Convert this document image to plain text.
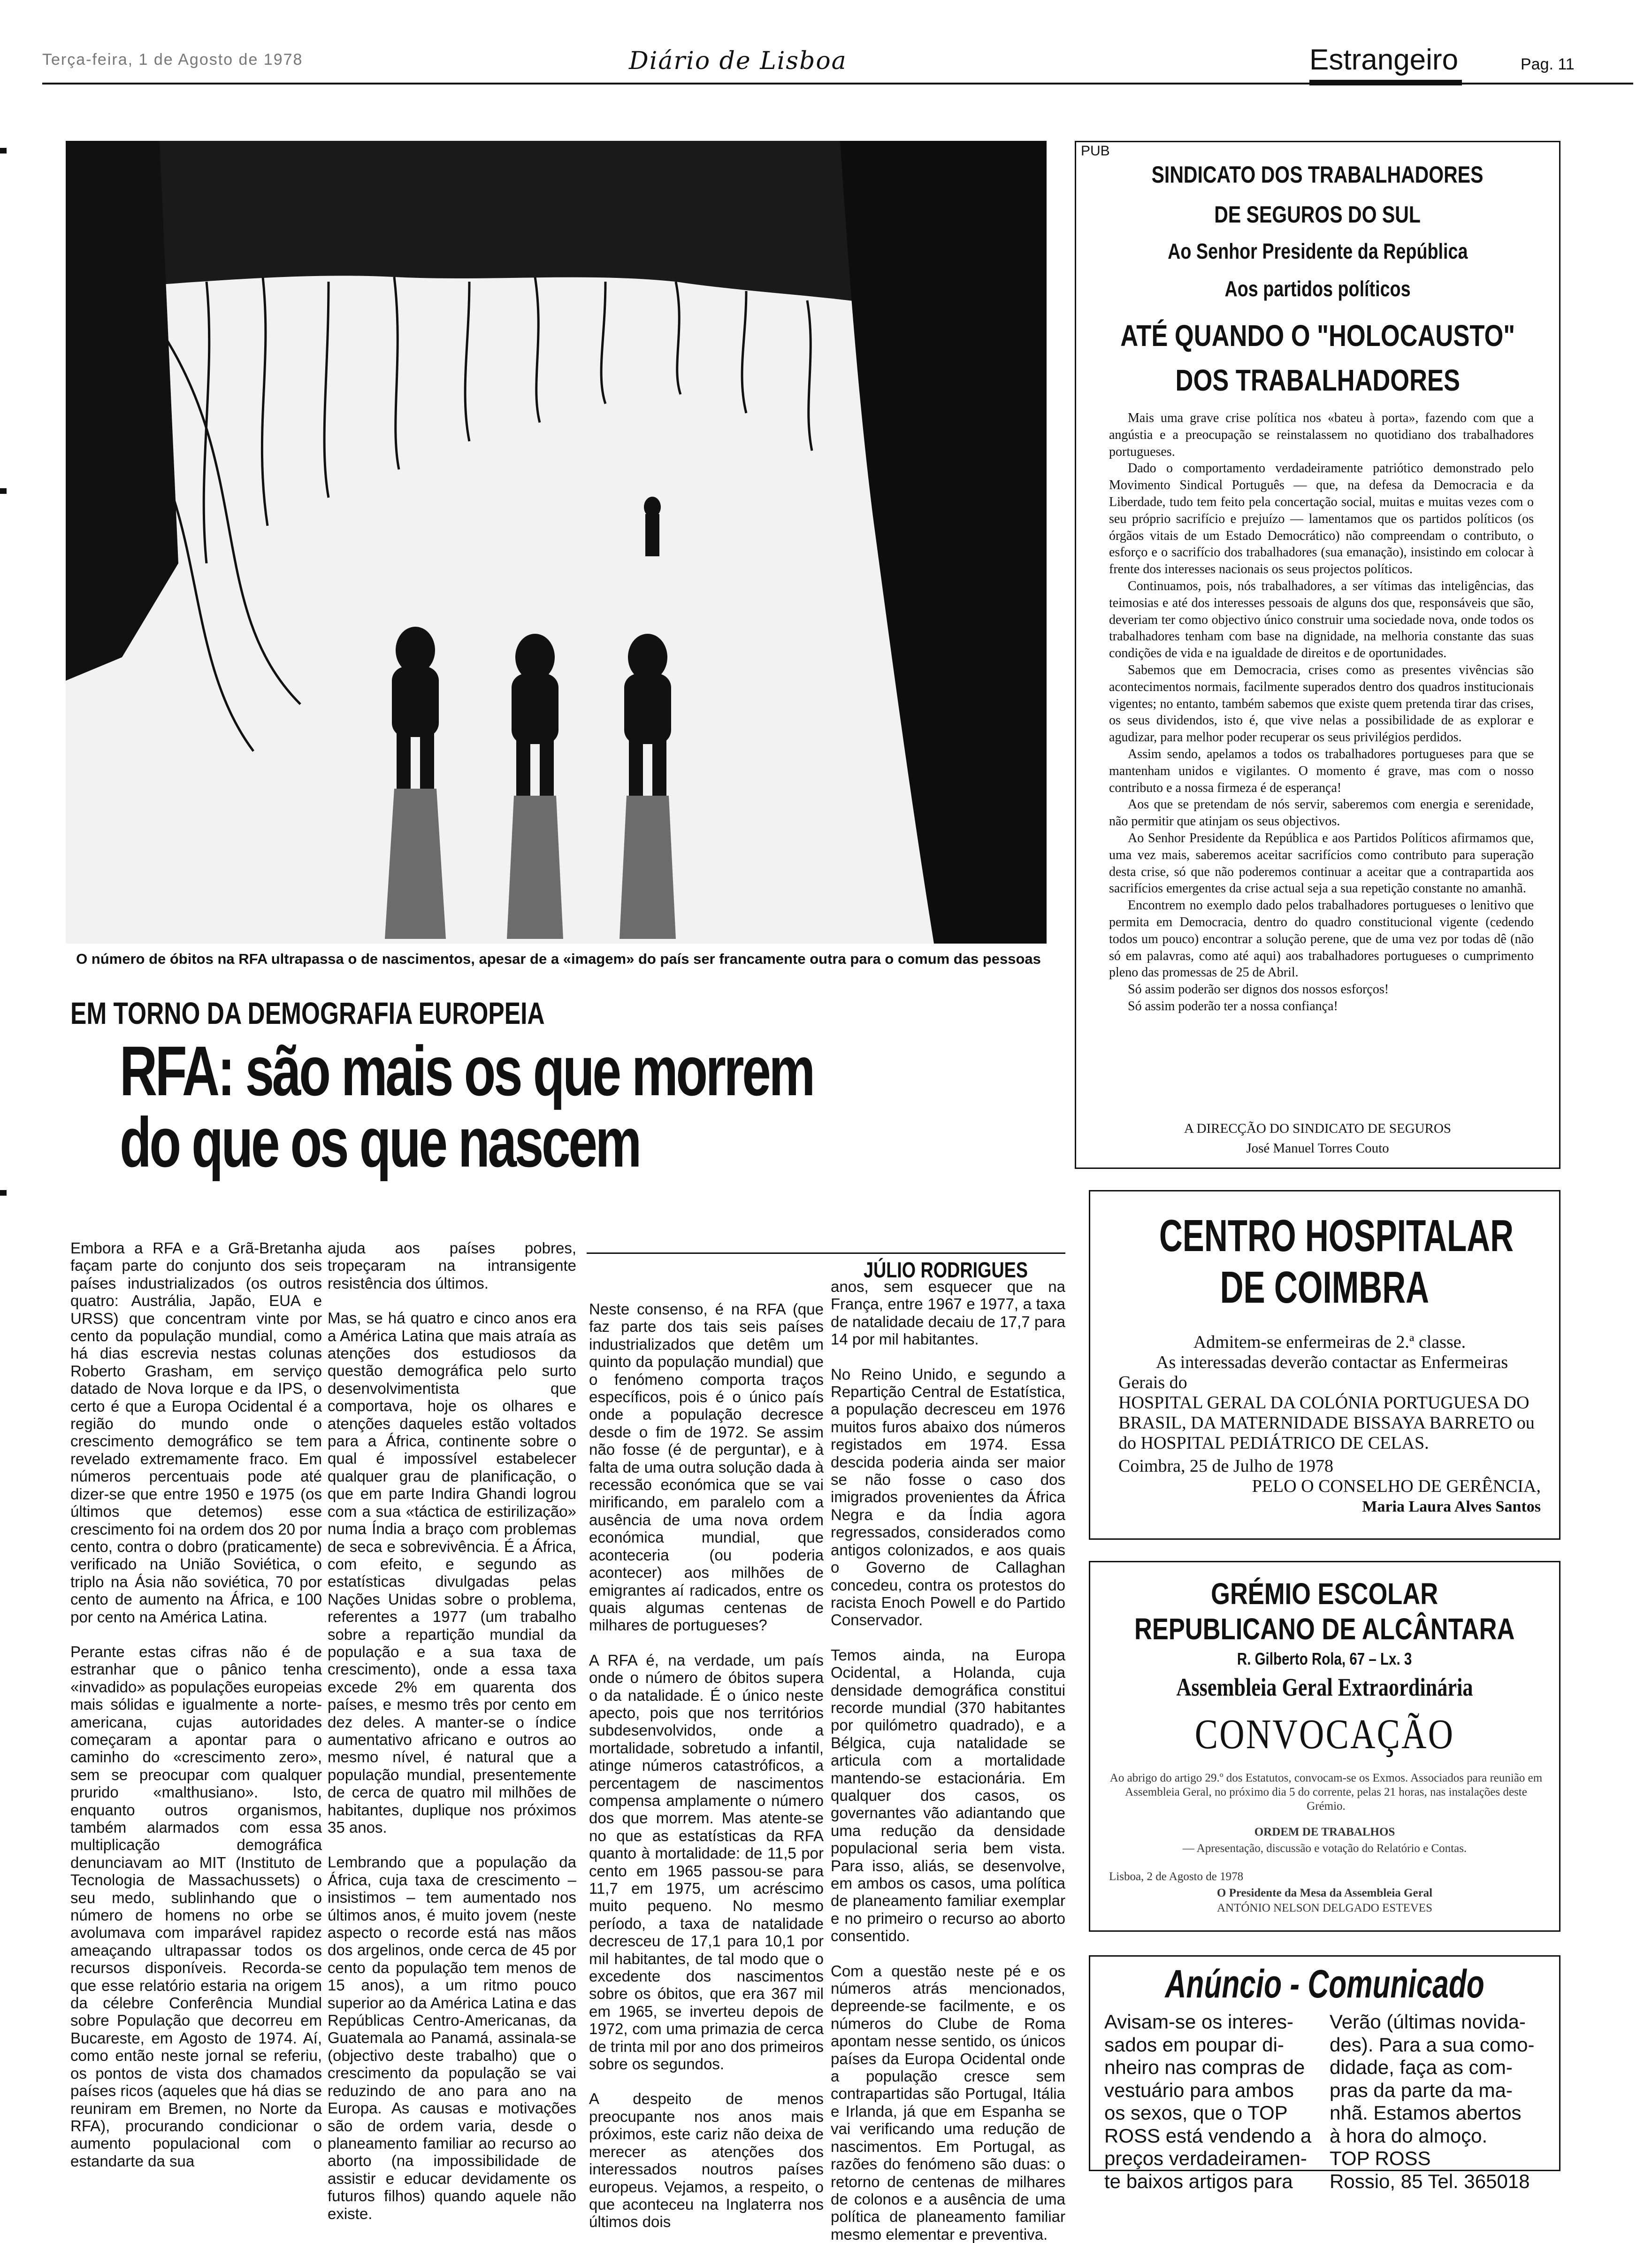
Terça-feira, 1 de Agosto de 1978	Diário de Lisboa	Estrangeiro	Pag. 11
O número de óbitos na RFA ultrapassa o de nascimentos, apesar de a «imagem» do país ser francamente outra para o comum das pessoas
EM TORNO DA DEMOGRAFIA EUROPEIA
RFA: são mais os que morrem
do que os que nascem
JÚLIO RODRIGUES

Embora a RFA e a Grã-Bretanha façam parte do conjunto dos seis países industrializados (os outros quatro: Austrália, Japão, EUA e URSS) que concentram vinte por cento da população mundial, como há dias escrevia nestas colunas Roberto Grasham, em serviço datado de Nova Iorque e da IPS, o certo é que a Europa Ocidental é a região do mundo onde o crescimento demográfico se tem revelado extremamente fraco. Em números percentuais pode até dizer-se que entre 1950 e 1975 (os últimos que detemos) esse crescimento foi na ordem dos 20 por cento, contra o dobro (praticamente) verificado na União Soviética, o triplo na Ásia não soviética, 70 por cento de aumento na África, e 100 por cento na América Latina.

Perante estas cifras não é de estranhar que o pânico tenha «invadido» as populações europeias mais sólidas e igualmente a norte-americana, cujas autoridades começaram a apontar para o caminho do «crescimento zero», sem se preocupar com qualquer prurido «malthusiano». Isto, enquanto outros organismos, também alarmados com essa multiplicação demográfica denunciavam ao MIT (Instituto de Tecnologia de Massachussets) o seu medo, sublinhando que o número de homens no orbe se avolumava com imparável rapidez ameaçando ultrapassar todos os recursos disponíveis. Recorda-se que esse relatório estaria na origem da célebre Conferência Mundial sobre População que decorreu em Bucareste, em Agosto de 1974. Aí, como então neste jornal se referiu, os pontos de vista dos chamados países ricos (aqueles que há dias se reuniram em Bremen, no Norte da RFA), procurando condicionar o aumento populacional com o estandarte da sua

ajuda aos países pobres, tropeçaram na intransigente resistência dos últimos.

Mas, se há quatro e cinco anos era a América Latina que mais atraía as atenções dos estudiosos da questão demográfica pelo surto desenvolvimentista que comportava, hoje os olhares e atenções daqueles estão voltados para a África, continente sobre o qual é impossível estabelecer qualquer grau de planificação, o que em parte Indira Ghandi logrou com a sua «táctica de estirilização» numa Índia a braço com problemas de seca e sobrevivência. É a África, com efeito, e segundo as estatísticas divulgadas pelas Nações Unidas sobre o problema, referentes a 1977 (um trabalho sobre a repartição mundial da população e a sua taxa de crescimento), onde a essa taxa excede 2% em quarenta dos países, e mesmo três por cento em dez deles. A manter-se o índice aumentativo africano e outros ao mesmo nível, é natural que a população mundial, presentemente de cerca de quatro mil milhões de habitantes, duplique nos próximos 35 anos.

Lembrando que a população da África, cuja taxa de crescimento – insistimos – tem aumentado nos últimos anos, é muito jovem (neste aspecto o recorde está nas mãos dos argelinos, onde cerca de 45 por cento da população tem menos de 15 anos), a um ritmo pouco superior ao da América Latina e das Repúblicas Centro-Americanas, da Guatemala ao Panamá, assinala-se (objectivo deste trabalho) que o crescimento da população se vai reduzindo de ano para ano na Europa. As causas e motivações são de ordem varia, desde o planeamento familiar ao recurso ao aborto (na impossibilidade de assistir e educar devidamente os futuros filhos) quando aquele não existe.

Neste consenso, é na RFA (que faz parte dos tais seis países industrializados que detêm um quinto da população mundial) que o fenómeno comporta traços específicos, pois é o único país onde a população decresce desde o fim de 1972. Se assim não fosse (é de perguntar), e à falta de uma outra solução dada à recessão económica que se vai mirificando, em paralelo com a ausência de uma nova ordem económica mundial, que aconteceria (ou poderia acontecer) aos milhões de emigrantes aí radicados, entre os quais algumas centenas de milhares de portugueses?

A RFA é, na verdade, um país onde o número de óbitos supera o da natalidade. É o único neste apecto, pois que nos territórios subdesenvolvidos, onde a mortalidade, sobretudo a infantil, atinge números catastróficos, a percentagem de nascimentos compensa amplamente o número dos que morrem. Mas atente-se no que as estatísticas da RFA quanto à mortalidade: de 11,5 por cento em 1965 passou-se para 11,7 em 1975, um acréscimo muito pequeno. No mesmo período, a taxa de natalidade decresceu de 17,1 para 10,1 por mil habitantes, de tal modo que o excedente dos nascimentos sobre os óbitos, que era 367 mil em 1965, se inverteu depois de 1972, com uma primazia de cerca de trinta mil por ano dos primeiros sobre os segundos.

A despeito de menos preocupante nos anos mais próximos, este cariz não deixa de merecer as atenções dos interessados noutros países europeus. Vejamos, a respeito, o que aconteceu na Inglaterra nos últimos dois

anos, sem esquecer que na França, entre 1967 e 1977, a taxa de natalidade decaiu de 17,7 para 14 por mil habitantes.

No Reino Unido, e segundo a Repartição Central de Estatística, a população decresceu em 1976 muitos furos abaixo dos números registados em 1974. Essa descida poderia ainda ser maior se não fosse o caso dos imigrados provenientes da África Negra e da Índia agora regressados, considerados como antigos colonizados, e aos quais o Governo de Callaghan concedeu, contra os protestos do racista Enoch Powell e do Partido Conservador.

Temos ainda, na Europa Ocidental, a Holanda, cuja densidade demográfica constitui recorde mundial (370 habitantes por quilómetro quadrado), e a Bélgica, cuja natalidade se articula com a mortalidade mantendo-se estacionária. Em qualquer dos casos, os governantes vão adiantando que uma redução da densidade populacional seria bem vista. Para isso, aliás, se desenvolve, em ambos os casos, uma política de planeamento familiar exemplar e no primeiro o recurso ao aborto consentido.

Com a questão neste pé e os números atrás mencionados, depreende-se facilmente, e os números do Clube de Roma apontam nesse sentido, os únicos países da Europa Ocidental onde a população cresce sem contrapartidas são Portugal, Itália e Irlanda, já que em Espanha se vai verificando uma redução de nascimentos. Em Portugal, as razões do fenómeno são duas: o retorno de centenas de milhares de colonos e a ausência de uma política de planeamento familiar mesmo elementar e preventiva.

PUB
SINDICATO DOS TRABALHADORES
DE SEGUROS DO SUL
Ao Senhor Presidente da República
Aos partidos políticos
ATÉ QUANDO O "HOLOCAUSTO"
DOS TRABALHADORES

Mais uma grave crise política nos «bateu à porta», fazendo com que a angústia e a preocupação se reinstalassem no quotidiano dos trabalhadores portugueses.

Dado o comportamento verdadeiramente patriótico demonstrado pelo Movimento Sindical Português — que, na defesa da Democracia e da Liberdade, tudo tem feito pela concertação social, muitas e muitas vezes com o seu próprio sacrifício e prejuízo — lamentamos que os partidos políticos (os órgãos vitais de um Estado Democrático) não compreendam o contributo, o esforço e o sacrifício dos trabalhadores (sua emanação), insistindo em colocar à frente dos interesses nacionais os seus projectos políticos.

Continuamos, pois, nós trabalhadores, a ser vítimas das inteligências, das teimosias e até dos interesses pessoais de alguns dos que, responsáveis que são, deveriam ter como objectivo único construir uma sociedade nova, onde todos os trabalhadores tenham com base na dignidade, na melhoria constante das suas condições de vida e na igualdade de direitos e de oportunidades.

Sabemos que em Democracia, crises como as presentes vivências são acontecimentos normais, facilmente superados dentro dos quadros institucionais vigentes; no entanto, também sabemos que existe quem pretenda tirar das crises, os seus dividendos, isto é, que vive nelas a possibilidade de as explorar e agudizar, para melhor poder recuperar os seus privilégios perdidos.

Assim sendo, apelamos a todos os trabalhadores portugueses para que se mantenham unidos e vigilantes. O momento é grave, mas com o nosso contributo e a nossa firmeza é de esperança!

Aos que se pretendam de nós servir, saberemos com energia e serenidade, não permitir que atinjam os seus objectivos.

Ao Senhor Presidente da República e aos Partidos Políticos afirmamos que, uma vez mais, saberemos aceitar sacrifícios como contributo para superação desta crise, só que não poderemos continuar a aceitar que a contrapartida aos sacrifícios emergentes da crise actual seja a sua repetição constante no amanhã.

Encontrem no exemplo dado pelos trabalhadores portugueses o lenitivo que permita em Democracia, dentro do quadro constitucional vigente (cedendo todos um pouco) encontrar a solução perene, que de uma vez por todas dê (não só em palavras, como até aqui) aos trabalhadores portugueses o cumprimento pleno das promessas de 25 de Abril.

Só assim poderão ser dignos dos nossos esforços!

Só assim poderão ter a nossa confiança!

A DIRECÇÃO DO SINDICATO DE SEGUROS
José Manuel Torres Couto
CENTRO HOSPITALAR
DE COIMBRA
Admitem-se enfermeiras de 2.ª classe.
As interessadas deverão contactar as Enfermeiras Gerais do
HOSPITAL GERAL DA COLÓNIA PORTUGUESA DO BRASIL, DA MATERNIDADE BISSAYA BARRETO ou do HOSPITAL PEDIÁTRICO DE CELAS.
Coimbra, 25 de Julho de 1978
PELO O CONSELHO DE GERÊNCIA,
Maria Laura Alves Santos
GRÉMIO ESCOLAR
REPUBLICANO DE ALCÂNTARA
R. Gilberto Rola, 67 – Lx. 3
Assembleia Geral Extraordinária
CONVOCAÇÃO
Ao abrigo do artigo 29.º dos Estatutos, convocam-se os Exmos. Associados para reunião em Assembleia Geral, no próximo dia 5 do corrente, pelas 21 horas, nas instalações deste Grémio.
ORDEM DE TRABALHOS
— Apresentação, discussão e votação do Relatório e Contas.
Lisboa, 2 de Agosto de 1978
O Presidente da Mesa da Assembleia Geral
ANTÓNIO NELSON DELGADO ESTEVES
Anúncio - Comunicado
Avisam-se os interes-
sados em poupar di-
nheiro nas compras de
vestuário para ambos
os sexos, que o TOP
ROSS está vendendo a
preços verdadeiramen-
te baixos artigos para
Verão (últimas novida-
des). Para a sua como-
didade, faça as com-
pras da parte da ma-
nhã. Estamos abertos
à hora do almoço.
TOP ROSS
Rossio, 85 Tel. 365018
